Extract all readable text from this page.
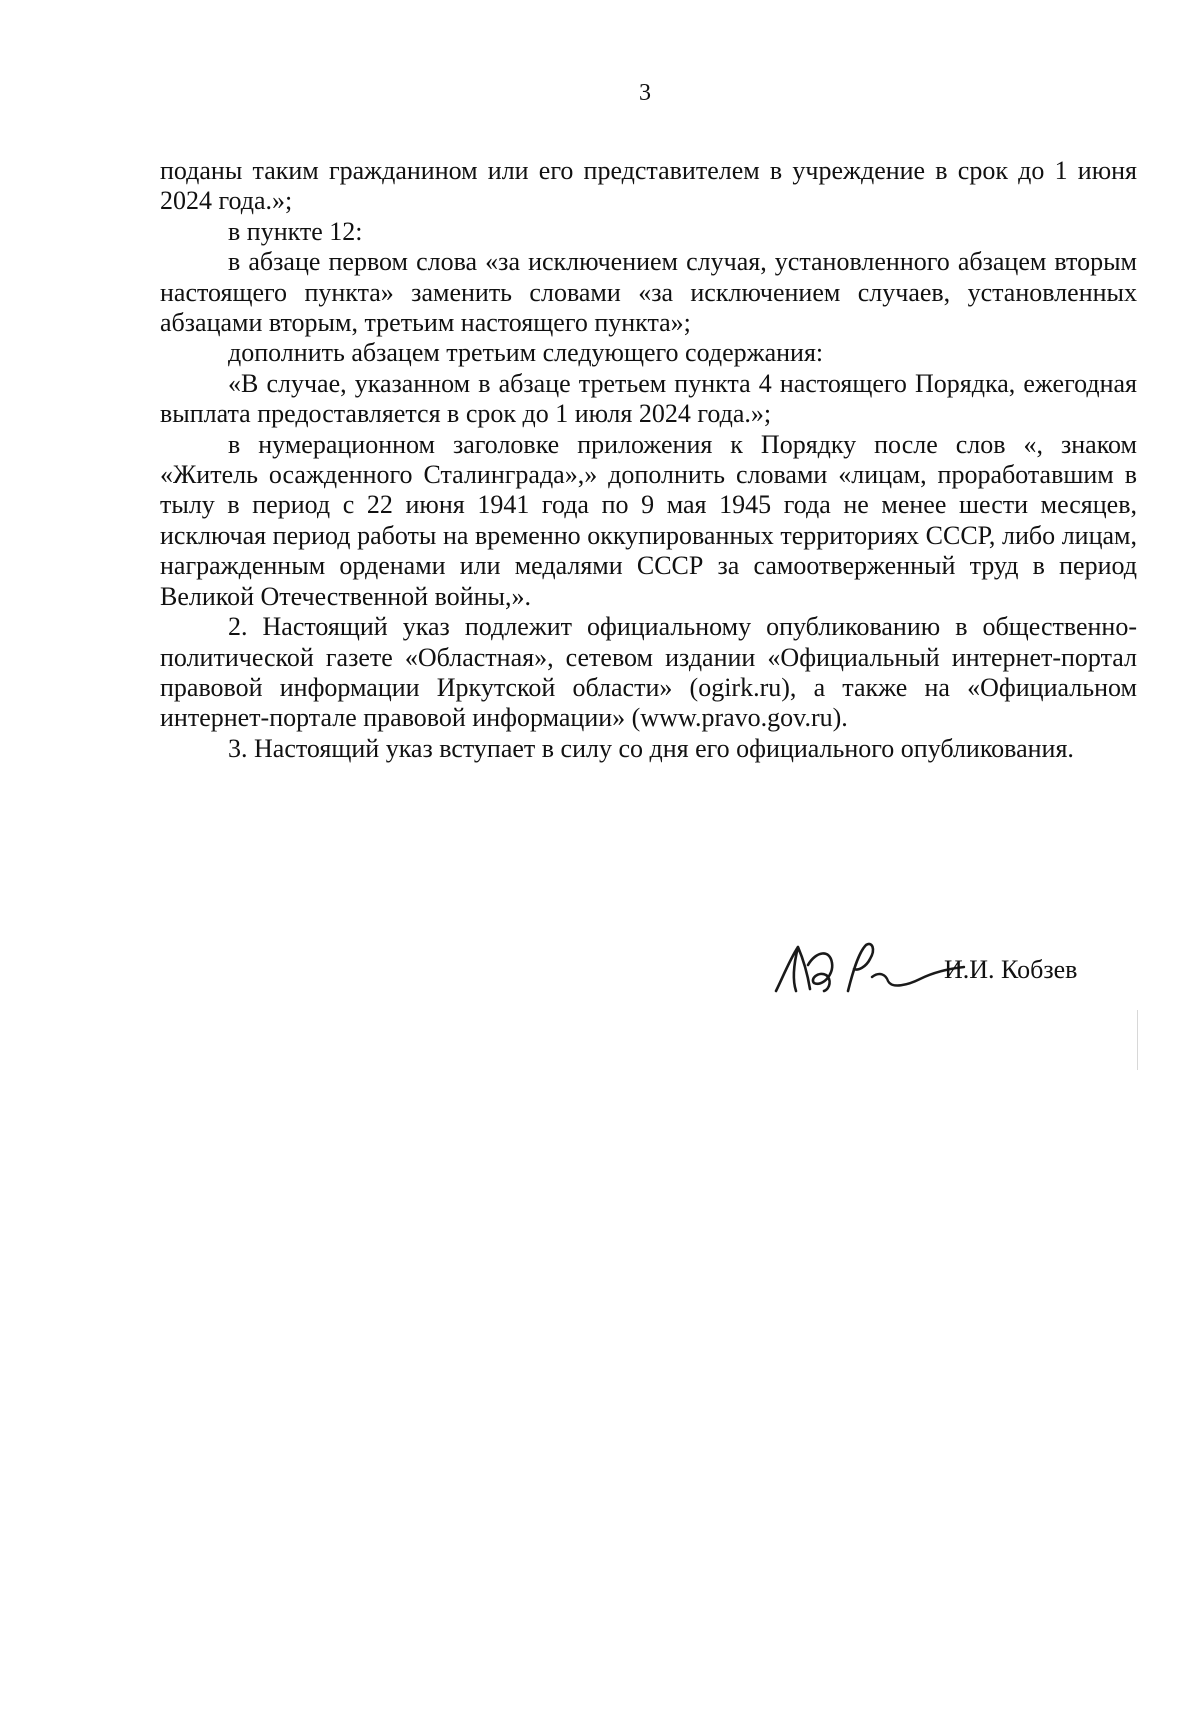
3

поданы таким гражданином или его представителем в учреждение в срок до 1 июня 2024 года.»;

в пункте 12:

в абзаце первом слова «за исключением случая, установленного абзацем вторым настоящего пункта» заменить словами «за исключением случаев, установленных абзацами вторым, третьим настоящего пункта»;

дополнить абзацем третьим следующего содержания:

«В случае, указанном в абзаце третьем пункта 4 настоящего Порядка, ежегодная выплата предоставляется в срок до 1 июля 2024 года.»;

в нумерационном заголовке приложения к Порядку после слов «, знаком «Житель осажденного Сталинграда»,» дополнить словами «лицам, проработавшим в тылу в период с 22 июня 1941 года по 9 мая 1945 года не менее шести месяцев, исключая период работы на временно оккупированных территориях СССР, либо лицам, награжденным орденами или медалями СССР за самоотверженный труд в период Великой Отечественной войны,».

2. Настоящий указ подлежит официальному опубликованию в общественно-политической газете «Областная», сетевом издании «Официальный интернет-портал правовой информации Иркутской области» (ogirk.ru), а также на «Официальном интернет-портале правовой информации» (www.pravo.gov.ru).

3. Настоящий указ вступает в силу со дня его официального опубликования.

И.И. Кобзев
